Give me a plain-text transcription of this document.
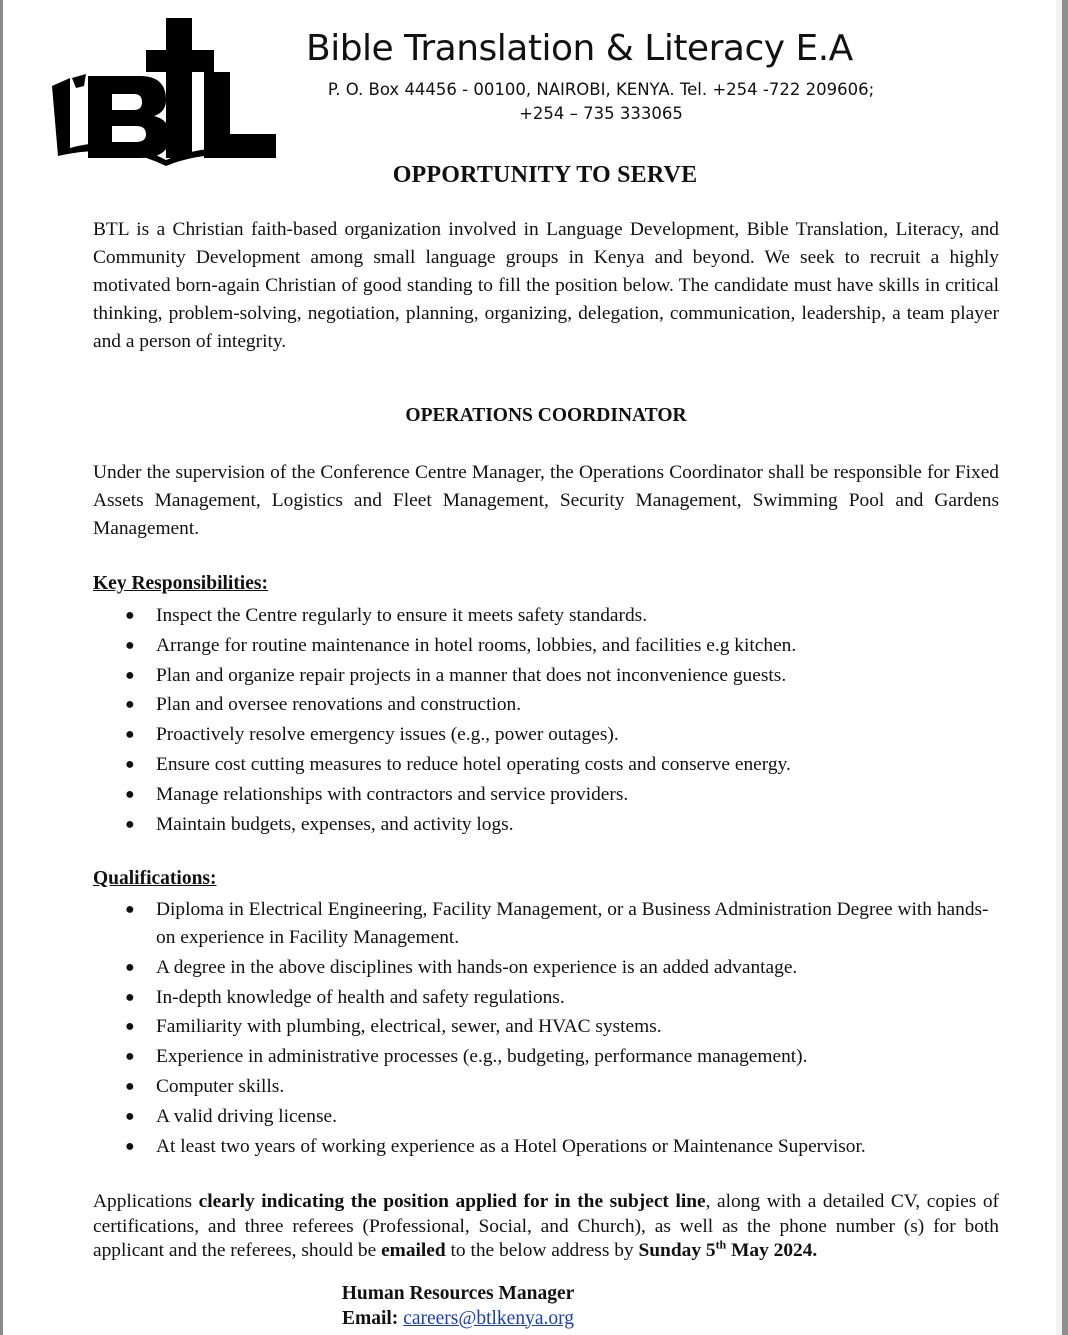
Bible Translation & Literacy E.A
P. O. Box 44456 - 00100, NAIROBI, KENYA. Tel. +254 -722 209606;
+254 – 735 333065
OPPORTUNITY TO SERVE
BTL is a Christian faith-based organization involved in Language Development, Bible Translation, Literacy, and Community Development among small language groups in Kenya and beyond. We seek to recruit a highly motivated born-again Christian of good standing to fill the position below. The candidate must have skills in critical thinking, problem-solving, negotiation, planning, organizing, delegation, communication, leadership, a team player and a person of integrity.
OPERATIONS COORDINATOR
Under the supervision of the Conference Centre Manager, the Operations Coordinator shall be responsible for Fixed Assets Management, Logistics and Fleet Management, Security Management, Swimming Pool and Gardens Management.
Key Responsibilities:
● Inspect the Centre regularly to ensure it meets safety standards.
● Arrange for routine maintenance in hotel rooms, lobbies, and facilities e.g kitchen.
● Plan and organize repair projects in a manner that does not inconvenience guests.
● Plan and oversee renovations and construction.
● Proactively resolve emergency issues (e.g., power outages).
● Ensure cost cutting measures to reduce hotel operating costs and conserve energy.
● Manage relationships with contractors and service providers.
● Maintain budgets, expenses, and activity logs.
Qualifications:
● Diploma in Electrical Engineering, Facility Management, or a Business Administration Degree with hands-on experience in Facility Management.
● A degree in the above disciplines with hands-on experience is an added advantage.
● In-depth knowledge of health and safety regulations.
● Familiarity with plumbing, electrical, sewer, and HVAC systems.
● Experience in administrative processes (e.g., budgeting, performance management).
● Computer skills.
● A valid driving license.
● At least two years of working experience as a Hotel Operations or Maintenance Supervisor.
Applications clearly indicating the position applied for in the subject line, along with a detailed CV, copies of certifications, and three referees (Professional, Social, and Church), as well as the phone number (s) for both applicant and the referees, should be emailed to the below address by Sunday 5th May 2024.
Human Resources Manager
Email: careers@btlkenya.org
